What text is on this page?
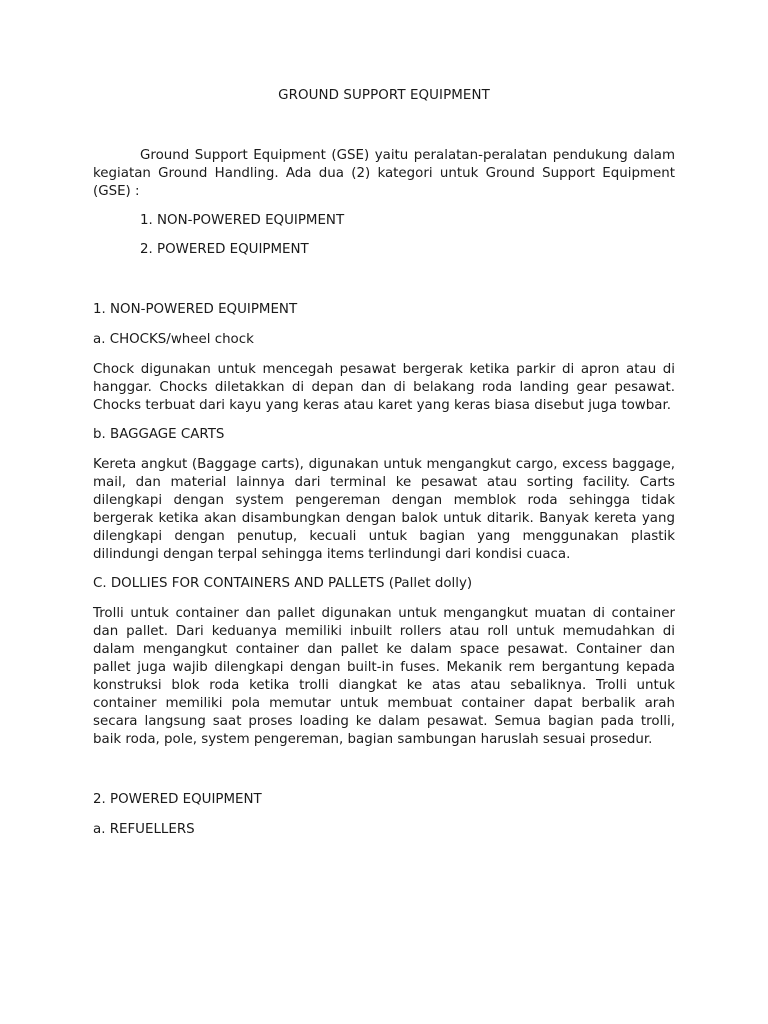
GROUND SUPPORT EQUIPMENT

Ground Support Equipment (GSE) yaitu peralatan-peralatan pendukung dalam kegiatan Ground Handling. Ada dua (2) kategori untuk Ground Support Equipment (GSE) :

1. NON-POWERED EQUIPMENT

2. POWERED EQUIPMENT

1. NON-POWERED EQUIPMENT

a. CHOCKS/wheel chock

Chock digunakan untuk mencegah pesawat bergerak ketika parkir di apron atau di hanggar. Chocks diletakkan di depan dan di belakang roda landing gear pesawat. Chocks terbuat dari kayu yang keras atau karet yang keras biasa disebut juga towbar.

b. BAGGAGE CARTS

Kereta angkut (Baggage carts), digunakan untuk mengangkut cargo, excess baggage, mail, dan material lainnya dari terminal ke pesawat atau sorting facility. Carts dilengkapi dengan system pengereman dengan memblok roda sehingga tidak bergerak ketika akan disambungkan dengan balok untuk ditarik. Banyak kereta yang dilengkapi dengan penutup, kecuali untuk bagian yang menggunakan plastik dilindungi dengan terpal sehingga items terlindungi dari kondisi cuaca.

C. DOLLIES FOR CONTAINERS AND PALLETS (Pallet dolly)

Trolli untuk container dan pallet digunakan untuk mengangkut muatan di container dan pallet. Dari keduanya memiliki inbuilt rollers atau roll untuk memudahkan di dalam mengangkut container dan pallet ke dalam space pesawat. Container dan pallet juga wajib dilengkapi dengan built-in fuses. Mekanik rem bergantung kepada konstruksi blok roda ketika trolli diangkat ke atas atau sebaliknya. Trolli untuk container memiliki pola memutar untuk membuat container dapat berbalik arah secara langsung saat proses loading ke dalam pesawat. Semua bagian pada trolli, baik roda, pole, system pengereman, bagian sambungan haruslah sesuai prosedur.

2. POWERED EQUIPMENT

a. REFUELLERS
